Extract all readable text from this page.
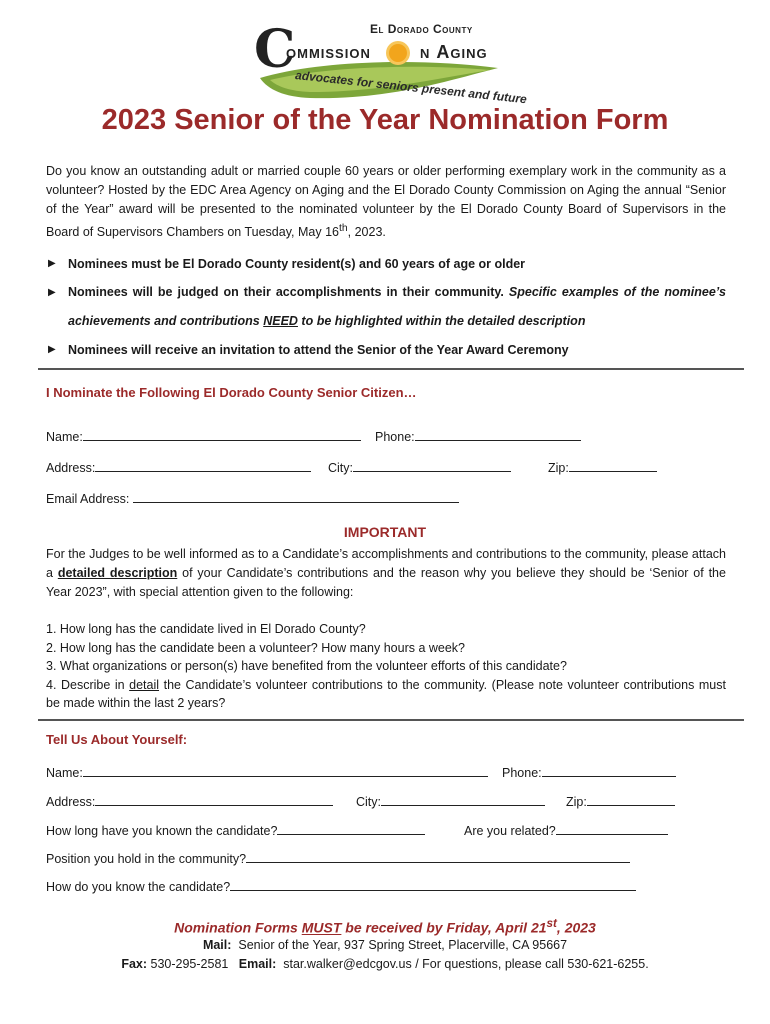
El Dorado County
C
ommission	n Aging
advocates for seniors present and future
2023 Senior of the Year Nomination Form

Do you know an outstanding adult or married couple 60 years or older performing exemplary work in the community as a volunteer? Hosted by the EDC Area Agency on Aging and the El Dorado County Commission on Aging the annual “Senior of the Year” award will be presented to the nominated volunteer by the El Dorado County Board of Supervisors in the Board of Supervisors Chambers on Tuesday, May 16th, 2023.

▶ Nominees must be El Dorado County resident(s) and 60 years of age or older
▶ Nominees will be judged on their accomplishments in their community. Specific examples of the nominee’s achievements and contributions NEED to be highlighted within the detailed description
▶ Nominees will receive an invitation to attend the Senior of the Year Award Ceremony

I Nominate the Following El Dorado County Senior Citizen…

Name:	Phone:
Address:	City:	Zip:
Email Address:
IMPORTANT

For the Judges to be well informed as to a Candidate’s accomplishments and contributions to the community, please attach a detailed description of your Candidate’s contributions and the reason why you believe they should be ‘Senior of the Year 2023”, with special attention given to the following:

1. How long has the candidate lived in El Dorado County?
2. How long has the candidate been a volunteer? How many hours a week?
3. What organizations or person(s) have benefited from the volunteer efforts of this candidate?
4. Describe in detail the Candidate’s volunteer contributions to the community. (Please note volunteer contributions must be made within the last 2 years?

Tell Us About Yourself:

Name:	Phone:
Address:	City:	Zip:
How long have you known the candidate?	Are you related?
Position you hold in the community?
How do you know the candidate?
Nomination Forms MUST be received by Friday, April 21st, 2023
Mail: Senior of the Year, 937 Spring Street, Placerville, CA 95667
Fax: 530-295-2581 Email: star.walker@edcgov.us / For questions, please call 530-621-6255.
